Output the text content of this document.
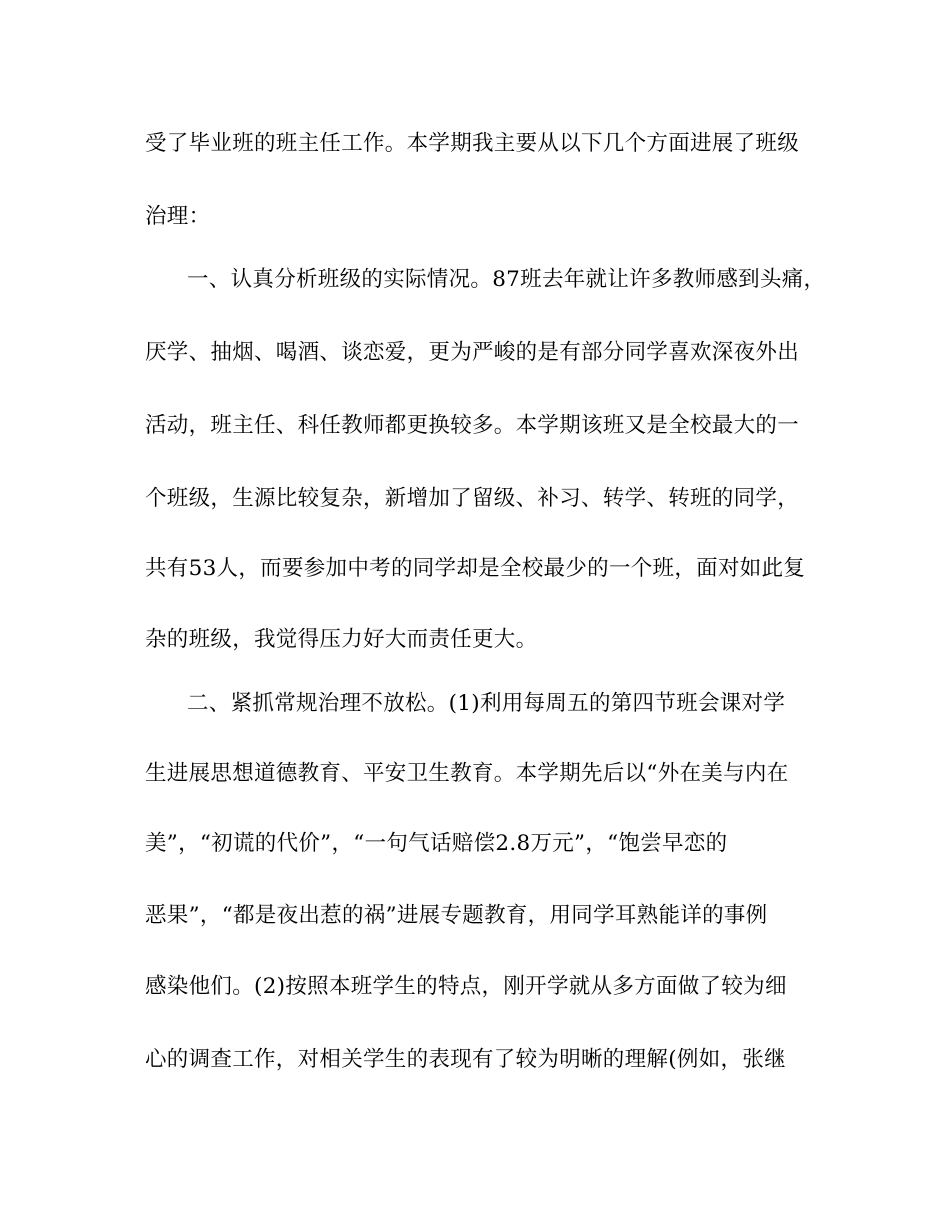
受了毕业班的班主任工作。本学期我主要从以下几个方面进展了班级
治理：
一、认真分析班级的实际情况。87班去年就让许多教师感到头痛，
厌学、抽烟、喝酒、谈恋爱，更为严峻的是有部分同学喜欢深夜外出
活动，班主任、科任教师都更换较多。本学期该班又是全校最大的一
个班级，生源比较复杂，新增加了留级、补习、转学、转班的同学，
共有53人，而要参加中考的同学却是全校最少的一个班，面对如此复
杂的班级，我觉得压力好大而责任更大。
二、紧抓常规治理不放松。(1)利用每周五的第四节班会课对学
生进展思想道德教育、平安卫生教育。本学期先后以“外在美与内在
美”，“初谎的代价”，“一句气话赔偿2.8万元”，“饱尝早恋的
恶果”，“都是夜出惹的祸”进展专题教育，用同学耳熟能详的事例
感染他们。(2)按照本班学生的特点，刚开学就从多方面做了较为细
心的调查工作，对相关学生的表现有了较为明晰的理解(例如，张继
